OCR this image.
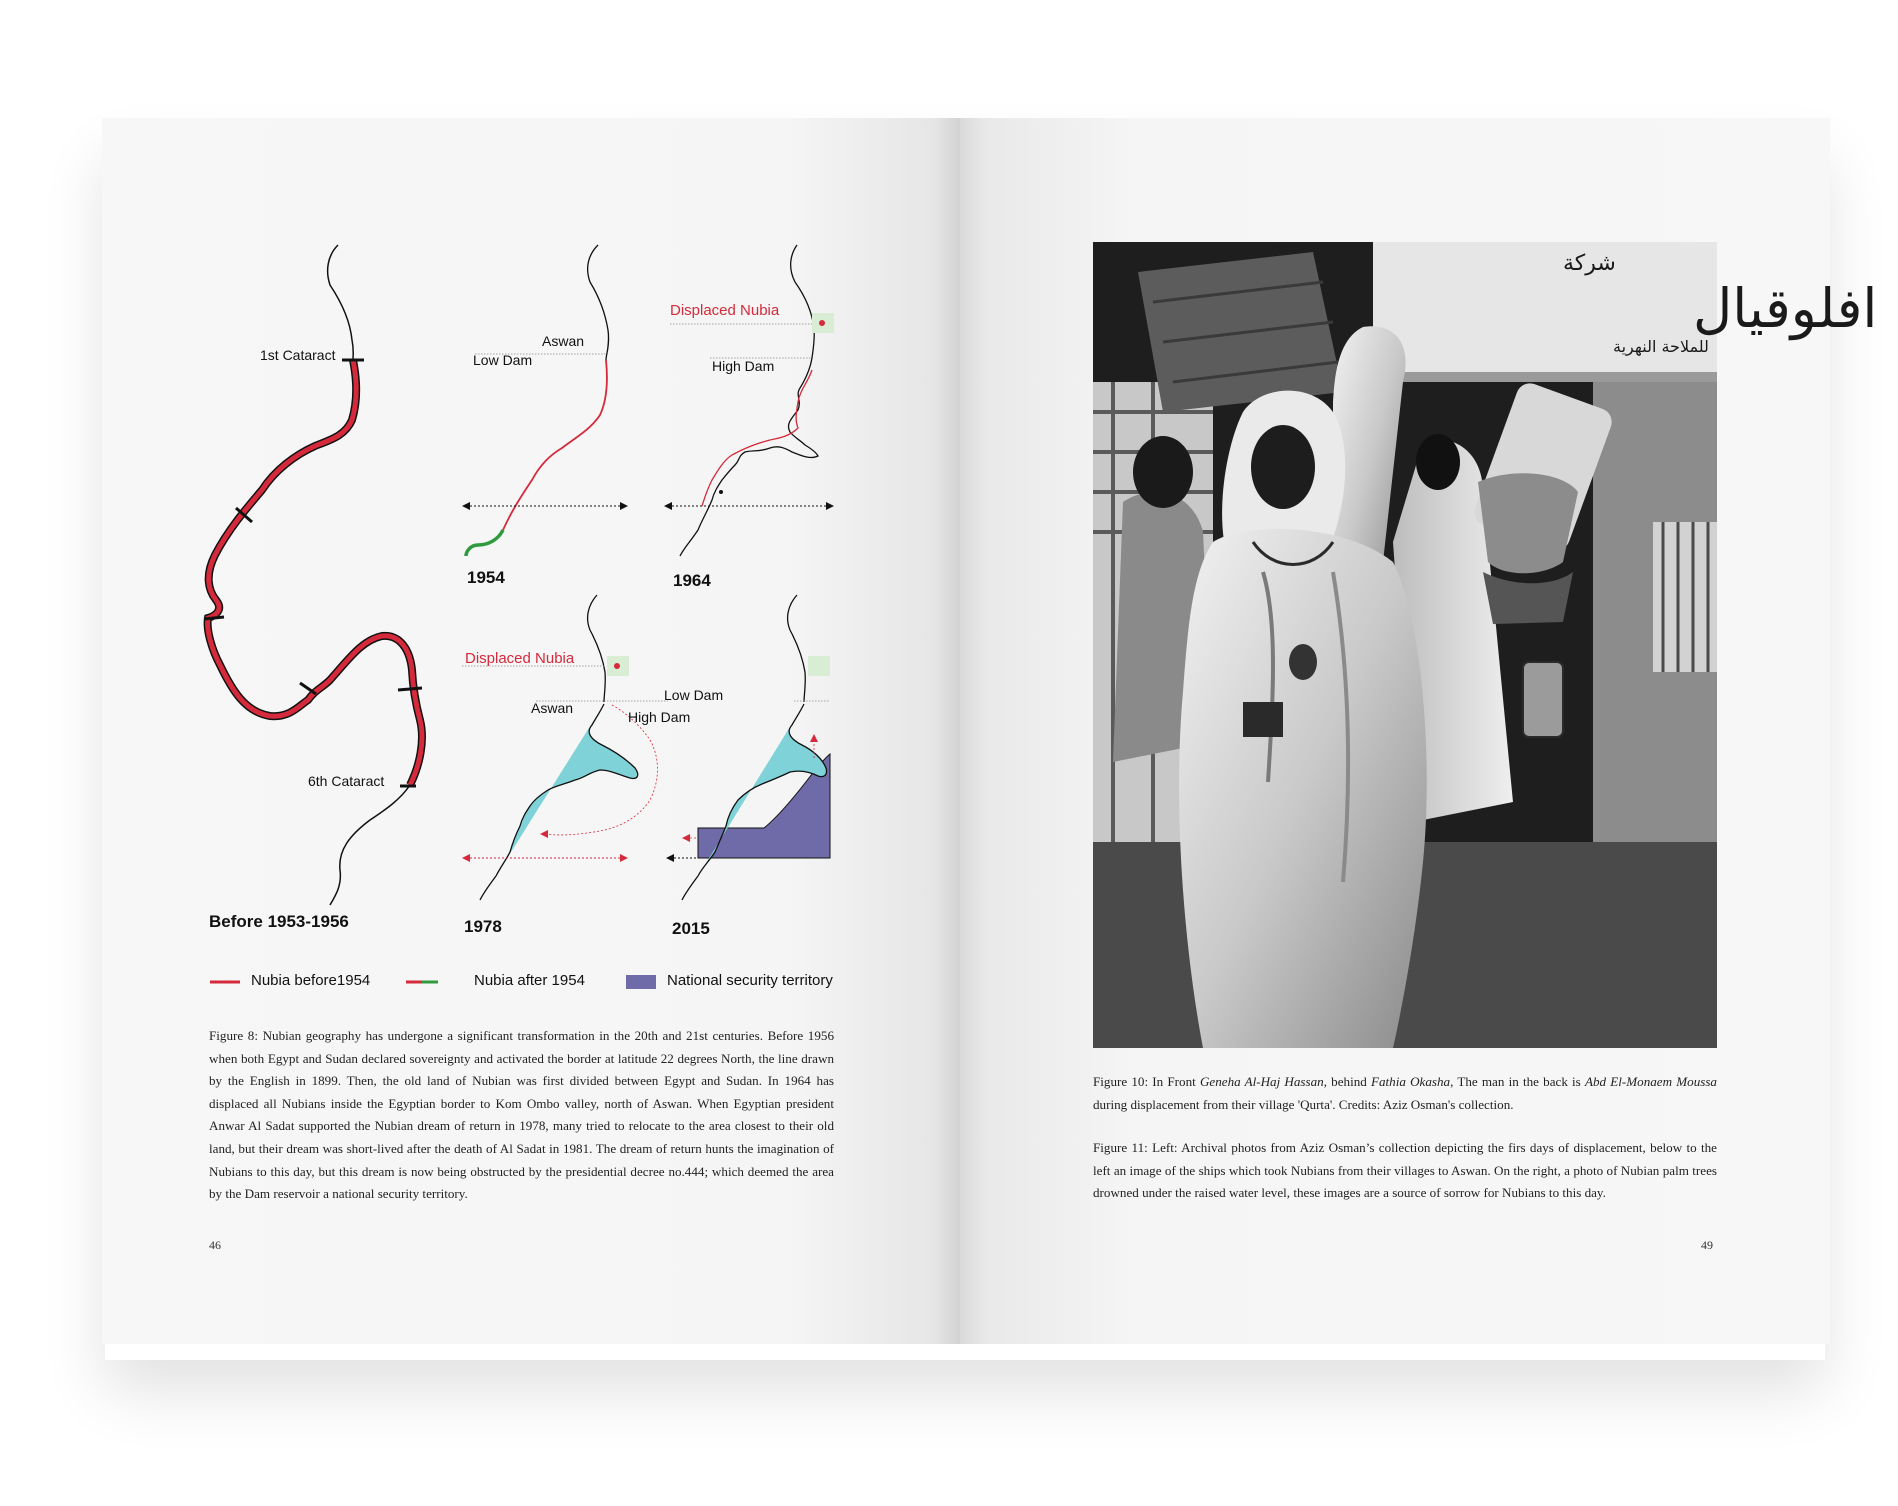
1st Cataract
6th Cataract
Aswan
Low Dam
Displaced Nubia
High Dam
Displaced Nubia
Aswan
Low Dam
High Dam
Before 1953-1956
1954	1964
1978	2015
Nubia before1954	Nubia after 1954	National security territory
Figure 8: Nubian geography has undergone a significant transformation in the 20th and 21st centuries. Before 1956 when both Egypt and Sudan declared sovereignty and activated the border at latitude 22 degrees North, the line drawn by the English in 1899. Then, the old land of Nubian was first divided between Egypt and Sudan. In 1964 has displaced all Nubians inside the Egyptian border to Kom Ombo valley, north of Aswan. When Egyptian president Anwar Al Sadat supported the Nubian dream of return in 1978, many tried to relocate to the area closest to their old land, but their dream was short-lived after the death of Al Sadat in 1981. The dream of return hunts the imagination of Nubians to this day, but this dream is now being obstructed by the presidential decree no.444; which deemed the area by the Dam reservoir a national security territory.
46
افلوقيال
شركة
للملاحة النهرية
Figure 10: In Front Geneha Al-Haj Hassan, behind Fathia Okasha, The man in the back is Abd El-Monaem Moussa during displacement from their village 'Qurta'. Credits: Aziz Osman's collection.
Figure 11: Left: Archival photos from Aziz Osman’s collection depicting the firs days of displacement, below to the left an image of the ships which took Nubians from their villages to Aswan. On the right, a photo of Nubian palm trees drowned under the raised water level, these images are a source of sorrow for Nubians to this day.
49
